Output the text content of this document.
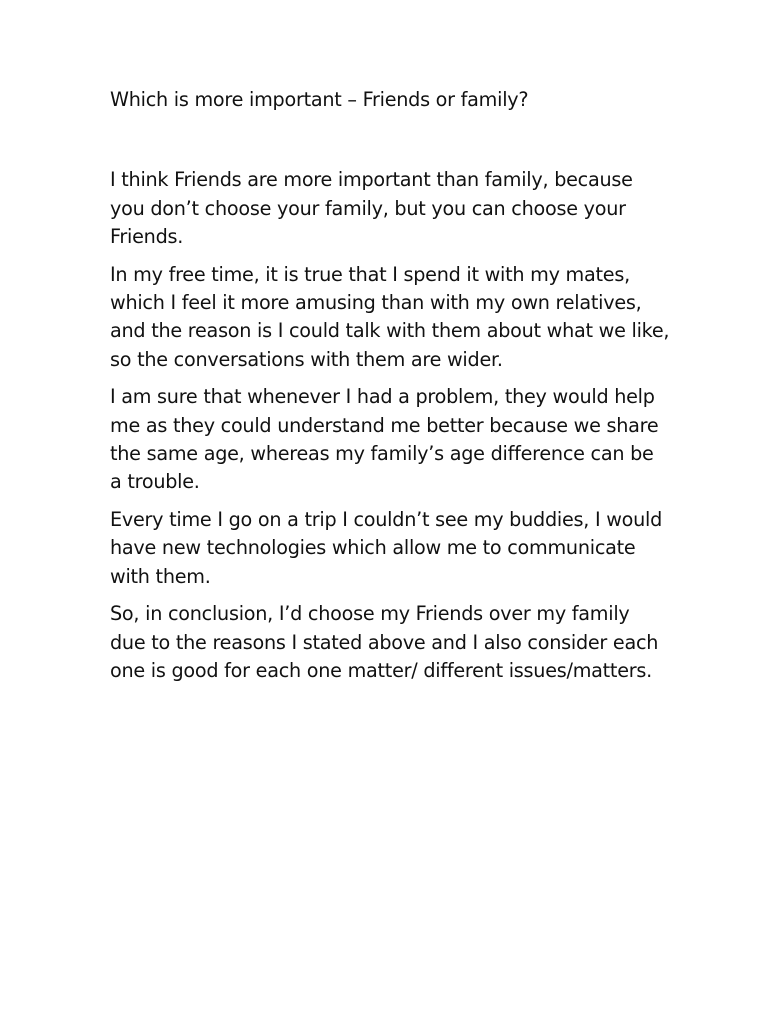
Which is more important – Friends or family?

I think Friends are more important than family, because you don’t choose your family, but you can choose your Friends.

In my free time, it is true that I spend it with my mates, which I feel it more amusing than with my own relatives, and the reason is I could talk with them about what we like, so the conversations with them are wider.

I am sure that whenever I had a problem, they would help me as they could understand me better because we share the same age, whereas my family’s age difference can be a trouble.

Every time I go on a trip I couldn’t see my buddies, I would have new technologies which allow me to communicate with them.

So, in conclusion, I’d choose my Friends over my family due to the reasons I stated above and I also consider each one is good for each one matter/ different issues/matters.
